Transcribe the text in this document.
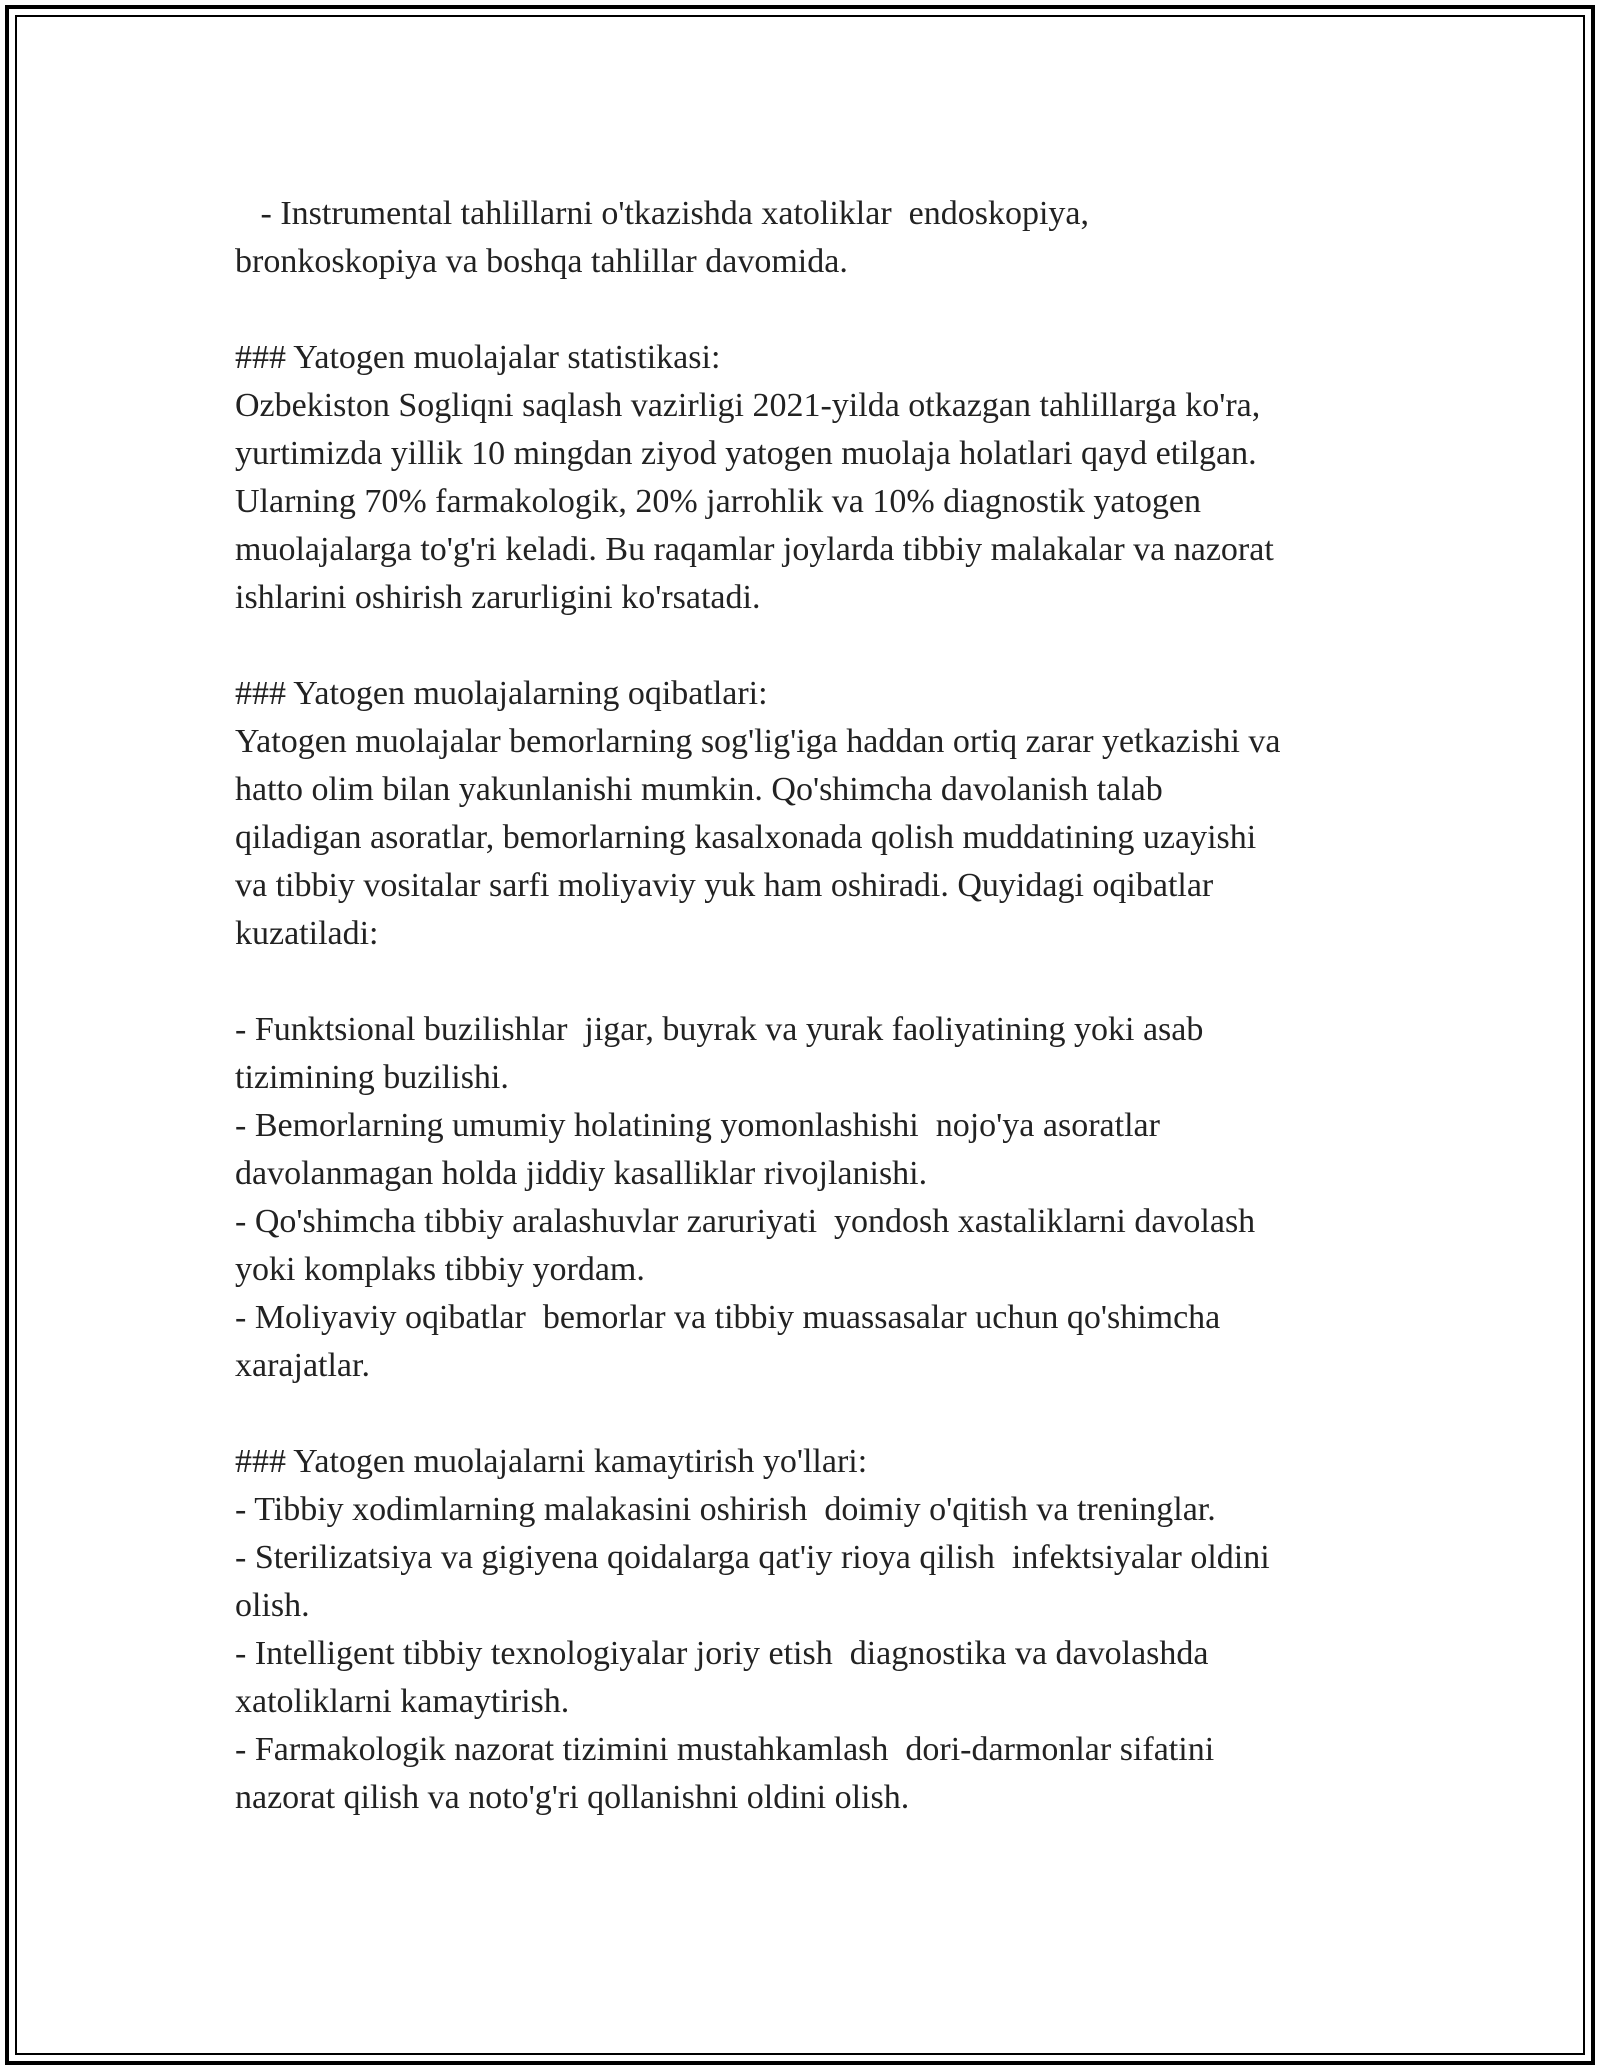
- Instrumental tahlillarni o'tkazishda xatoliklar  endoskopiya,
bronkoskopiya va boshqa tahlillar davomida.
### Yatogen muolajalar statistikasi:
Ozbekiston Sogliqni saqlash vazirligi 2021-yilda otkazgan tahlillarga ko'ra,
yurtimizda yillik 10 mingdan ziyod yatogen muolaja holatlari qayd etilgan.
Ularning 70% farmakologik, 20% jarrohlik va 10% diagnostik yatogen
muolajalarga to'g'ri keladi. Bu raqamlar joylarda tibbiy malakalar va nazorat
ishlarini oshirish zarurligini ko'rsatadi.
### Yatogen muolajalarning oqibatlari:
Yatogen muolajalar bemorlarning sog'lig'iga haddan ortiq zarar yetkazishi va
hatto olim bilan yakunlanishi mumkin. Qo'shimcha davolanish talab
qiladigan asoratlar, bemorlarning kasalxonada qolish muddatining uzayishi
va tibbiy vositalar sarfi moliyaviy yuk ham oshiradi. Quyidagi oqibatlar
kuzatiladi:
- Funktsional buzilishlar  jigar, buyrak va yurak faoliyatining yoki asab
tizimining buzilishi.
- Bemorlarning umumiy holatining yomonlashishi  nojo'ya asoratlar
davolanmagan holda jiddiy kasalliklar rivojlanishi.
- Qo'shimcha tibbiy aralashuvlar zaruriyati  yondosh xastaliklarni davolash
yoki komplaks tibbiy yordam.
- Moliyaviy oqibatlar  bemorlar va tibbiy muassasalar uchun qo'shimcha
xarajatlar.
### Yatogen muolajalarni kamaytirish yo'llari:
- Tibbiy xodimlarning malakasini oshirish  doimiy o'qitish va treninglar.
- Sterilizatsiya va gigiyena qoidalarga qat'iy rioya qilish  infektsiyalar oldini
olish.
- Intelligent tibbiy texnologiyalar joriy etish  diagnostika va davolashda
xatoliklarni kamaytirish.
- Farmakologik nazorat tizimini mustahkamlash  dori-darmonlar sifatini
nazorat qilish va noto'g'ri qollanishni oldini olish.
